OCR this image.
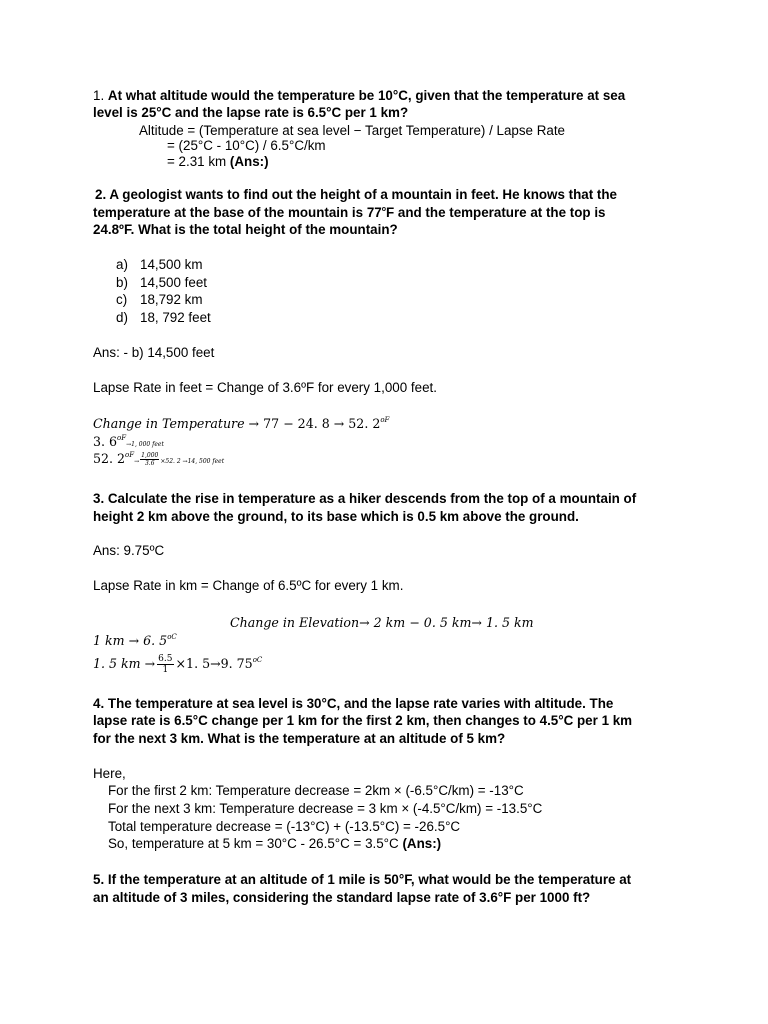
1. At what altitude would the temperature be 10°C, given that the temperature at sea
level is 25°C and the lapse rate is 6.5°C per 1 km?
Altitude = (Temperature at sea level − Target Temperature) / Lapse Rate
= (25°C - 10°C) / 6.5°C/km
= 2.31 km (Ans:)
2. A geologist wants to find out the height of a mountain in feet. He knows that the
temperature at the base of the mountain is 77$^o$F and the temperature at the top is
24.8ºF. What is the total height of the mountain?
a) 14,500 km
b) 14,500 feet
c) 18,792 km
d) 18, 792 feet
Ans: - b) 14,500 feet
Lapse Rate in feet = Change of 3.6ºF for every 1,000 feet.
Change in Temperature → 77 − 24. 8 → 52. $2^{oF}$
3. $6^{oF}\to 1$, 000 feet
52. $2^{oF}\to \frac{1,000}{3.6} \times 52$. 2 →14, 500 feet
3. Calculate the rise in temperature as a hiker descends from the top of a mountain of
height 2 km above the ground, to its base which is 0.5 km above the ground.
Ans: 9.75ºC
Lapse Rate in km = Change of 6.5ºC for every 1 km.
Change in Elevation→ 2 km − 0. 5 km→ 1. 5 km
1 km → 6. $5^{oC}$
1. 5 km → $\frac{6.5}{1} \times 1$. 5→9. $75^{oC}$
4. The temperature at sea level is 30°C, and the lapse rate varies with altitude. The
lapse rate is 6.5°C change per 1 km for the first 2 km, then changes to 4.5°C per 1 km
for the next 3 km. What is the temperature at an altitude of 5 km?
Here,
For the first 2 km: Temperature decrease = 2km × (-6.5°C/km) = -13°C
For the next 3 km: Temperature decrease = 3 km × (-4.5°C/km) = -13.5°C
Total temperature decrease = (-13°C) + (-13.5°C) = -26.5°C
So, temperature at 5 km = 30°C - 26.5°C = 3.5°C (Ans:)
5. If the temperature at an altitude of 1 mile is 50°F, what would be the temperature at
an altitude of 3 miles, considering the standard lapse rate of 3.6°F per 1000 ft?
